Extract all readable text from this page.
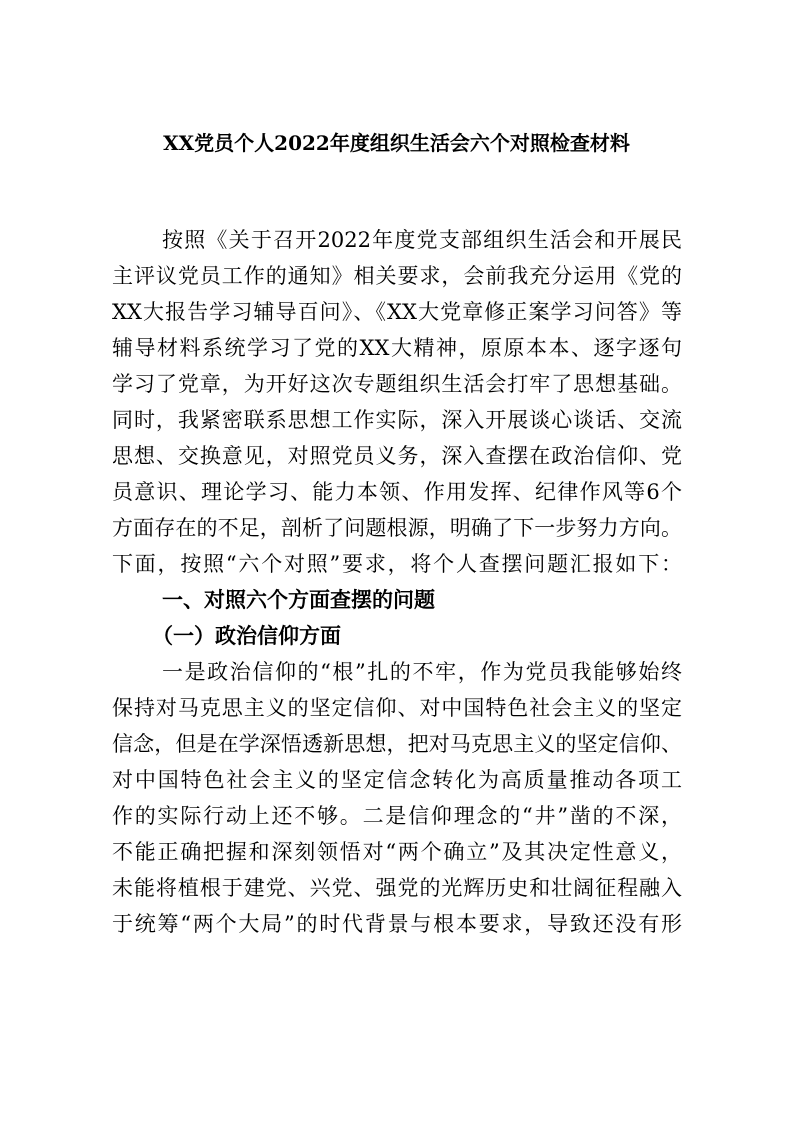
XX党员个人2022年度组织生活会六个对照检查材料
按照《关于召开2022年度党支部组织生活会和开展民
主评议党员工作的通知》相关要求，会前我充分运用《党的
XX大报告学习辅导百问》、《XX大党章修正案学习问答》等
辅导材料系统学习了党的XX大精神，原原本本、逐字逐句
学习了党章，为开好这次专题组织生活会打牢了思想基础。
同时，我紧密联系思想工作实际，深入开展谈心谈话、交流
思想、交换意见，对照党员义务，深入查摆在政治信仰、党
员意识、理论学习、能力本领、作用发挥、纪律作风等6个
方面存在的不足，剖析了问题根源，明确了下一步努力方向。
下面，按照“六个对照”要求，将个人查摆问题汇报如下：
一、对照六个方面查摆的问题
（一）政治信仰方面
一是政治信仰的“根”扎的不牢，作为党员我能够始终
保持对马克思主义的坚定信仰、对中国特色社会主义的坚定
信念，但是在学深悟透新思想，把对马克思主义的坚定信仰、
对中国特色社会主义的坚定信念转化为高质量推动各项工
作的实际行动上还不够。二是信仰理念的“井”凿的不深，
不能正确把握和深刻领悟对“两个确立”及其决定性意义，
未能将植根于建党、兴党、强党的光辉历史和壮阔征程融入
于统筹“两个大局”的时代背景与根本要求，导致还没有形
